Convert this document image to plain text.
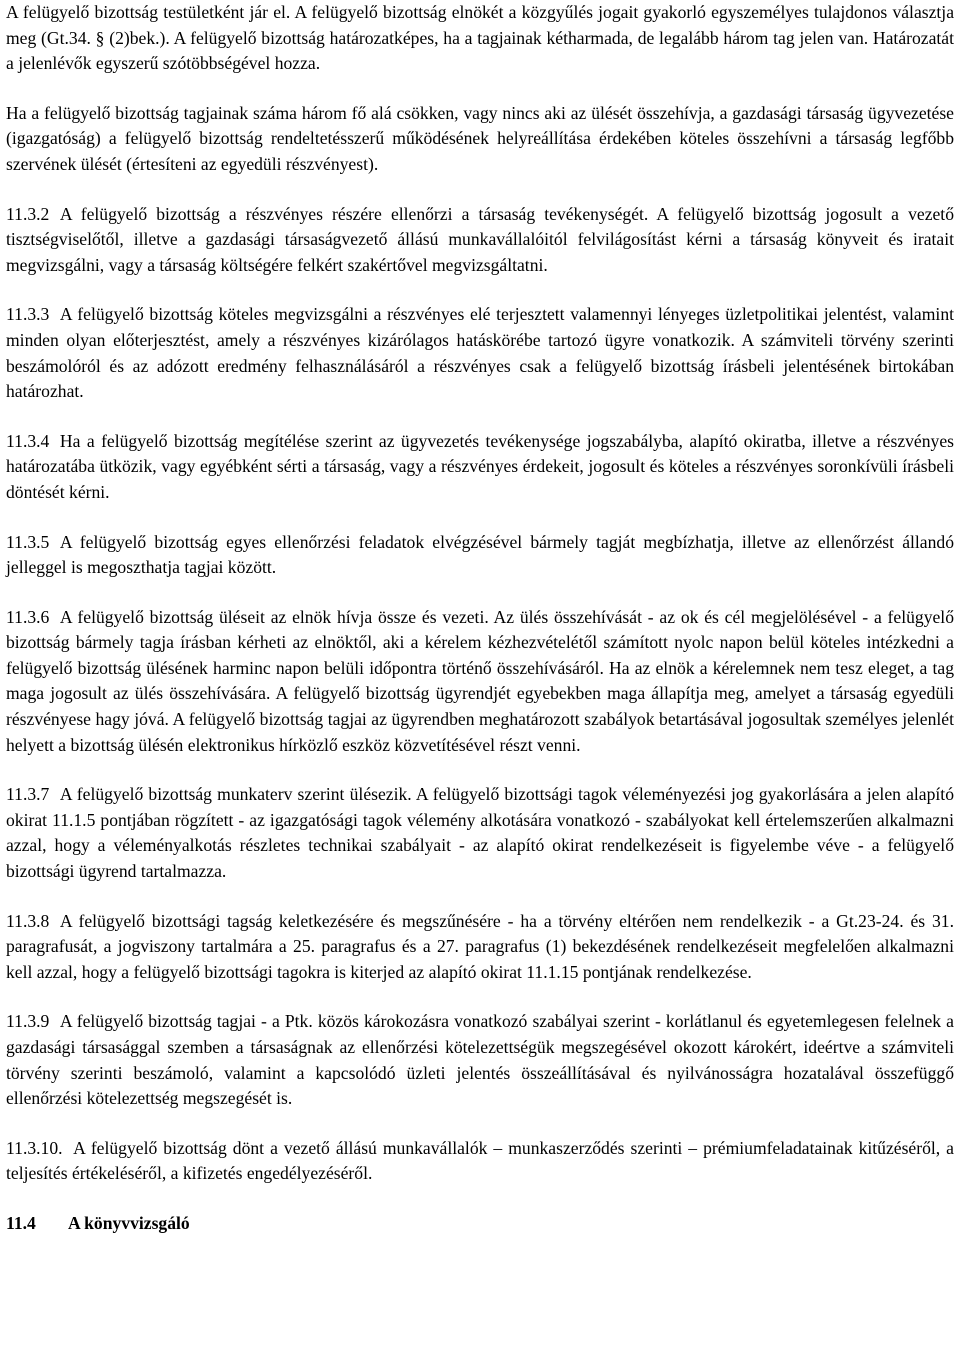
A felügyelő bizottság testületként jár el. A felügyelő bizottság elnökét a közgyűlés jogait gyakorló egyszemélyes tulajdonos választja meg (Gt.34. § (2)bek.). A felügyelő bizottság határozatképes, ha a tagjainak kétharmada, de legalább három tag jelen van. Határozatát a jelenlévők egyszerű szótöbbségével hozza.

Ha a felügyelő bizottság tagjainak száma három fő alá csökken, vagy nincs aki az ülését összehívja, a gazdasági társaság ügyvezetése (igazgatóság) a felügyelő bizottság rendeltetésszerű működésének helyreállítása érdekében köteles összehívni a társaság legfőbb szervének ülését (értesíteni az egyedüli részvényest).

11.3.2 A felügyelő bizottság a részvényes részére ellenőrzi a társaság tevékenységét. A felügyelő bizottság jogosult a vezető tisztségviselőtől, illetve a gazdasági társaságvezető állású munkavállalóitól felvilágosítást kérni a társaság könyveit és iratait megvizsgálni, vagy a társaság költségére felkért szakértővel megvizsgáltatni.

11.3.3 A felügyelő bizottság köteles megvizsgálni a részvényes elé terjesztett valamennyi lényeges üzletpolitikai jelentést, valamint minden olyan előterjesztést, amely a részvényes kizárólagos hatáskörébe tartozó ügyre vonatkozik. A számviteli törvény szerinti beszámolóról és az adózott eredmény felhasználásáról a részvényes csak a felügyelő bizottság írásbeli jelentésének birtokában határozhat.

11.3.4 Ha a felügyelő bizottság megítélése szerint az ügyvezetés tevékenysége jogszabályba, alapító okiratba, illetve a részvényes határozatába ütközik, vagy egyébként sérti a társaság, vagy a részvényes érdekeit, jogosult és köteles a részvényes soronkívüli írásbeli döntését kérni.

11.3.5 A felügyelő bizottság egyes ellenőrzési feladatok elvégzésével bármely tagját megbízhatja, illetve az ellenőrzést állandó jelleggel is megoszthatja tagjai között.

11.3.6 A felügyelő bizottság üléseit az elnök hívja össze és vezeti. Az ülés összehívását - az ok és cél megjelölésével - a felügyelő bizottság bármely tagja írásban kérheti az elnöktől, aki a kérelem kézhezvételétől számított nyolc napon belül köteles intézkedni a felügyelő bizottság ülésének harminc napon belüli időpontra történő összehívásáról. Ha az elnök a kérelemnek nem tesz eleget, a tag maga jogosult az ülés összehívására. A felügyelő bizottság ügyrendjét egyebekben maga állapítja meg, amelyet a társaság egyedüli részvényese hagy jóvá. A felügyelő bizottság tagjai az ügyrendben meghatározott szabályok betartásával jogosultak személyes jelenlét helyett a bizottság ülésén elektronikus hírközlő eszköz közvetítésével részt venni.

11.3.7 A felügyelő bizottság munkaterv szerint ülésezik. A felügyelő bizottsági tagok véleményezési jog gyakorlására a jelen alapító okirat 11.1.5 pontjában rögzített - az igazgatósági tagok vélemény alkotására vonatkozó - szabályokat kell értelemszerűen alkalmazni azzal, hogy a véleményalkotás részletes technikai szabályait - az alapító okirat rendelkezéseit is figyelembe véve - a felügyelő bizottsági ügyrend tartalmazza.

11.3.8 A felügyelő bizottsági tagság keletkezésére és megszűnésére - ha a törvény eltérően nem rendelkezik - a Gt.23-24. és 31. paragrafusát, a jogviszony tartalmára a 25. paragrafus és a 27. paragrafus (1) bekezdésének rendelkezéseit megfelelően alkalmazni kell azzal, hogy a felügyelő bizottsági tagokra is kiterjed az alapító okirat 11.1.15 pontjának rendelkezése.

11.3.9 A felügyelő bizottság tagjai - a Ptk. közös károkozásra vonatkozó szabályai szerint - korlátlanul és egyetemlegesen felelnek a gazdasági társasággal szemben a társaságnak az ellenőrzési kötelezettségük megszegésével okozott károkért, ideértve a számviteli törvény szerinti beszámoló, valamint a kapcsolódó üzleti jelentés összeállításával és nyilvánosságra hozatalával összefüggő ellenőrzési kötelezettség megszegését is.

11.3.10. A felügyelő bizottság dönt a vezető állású munkavállalók – munkaszerződés szerinti – prémiumfeladatainak kitűzéséről, a teljesítés értékeléséről, a kifizetés engedélyezéséről.

11.4 A könyvvizsgáló
